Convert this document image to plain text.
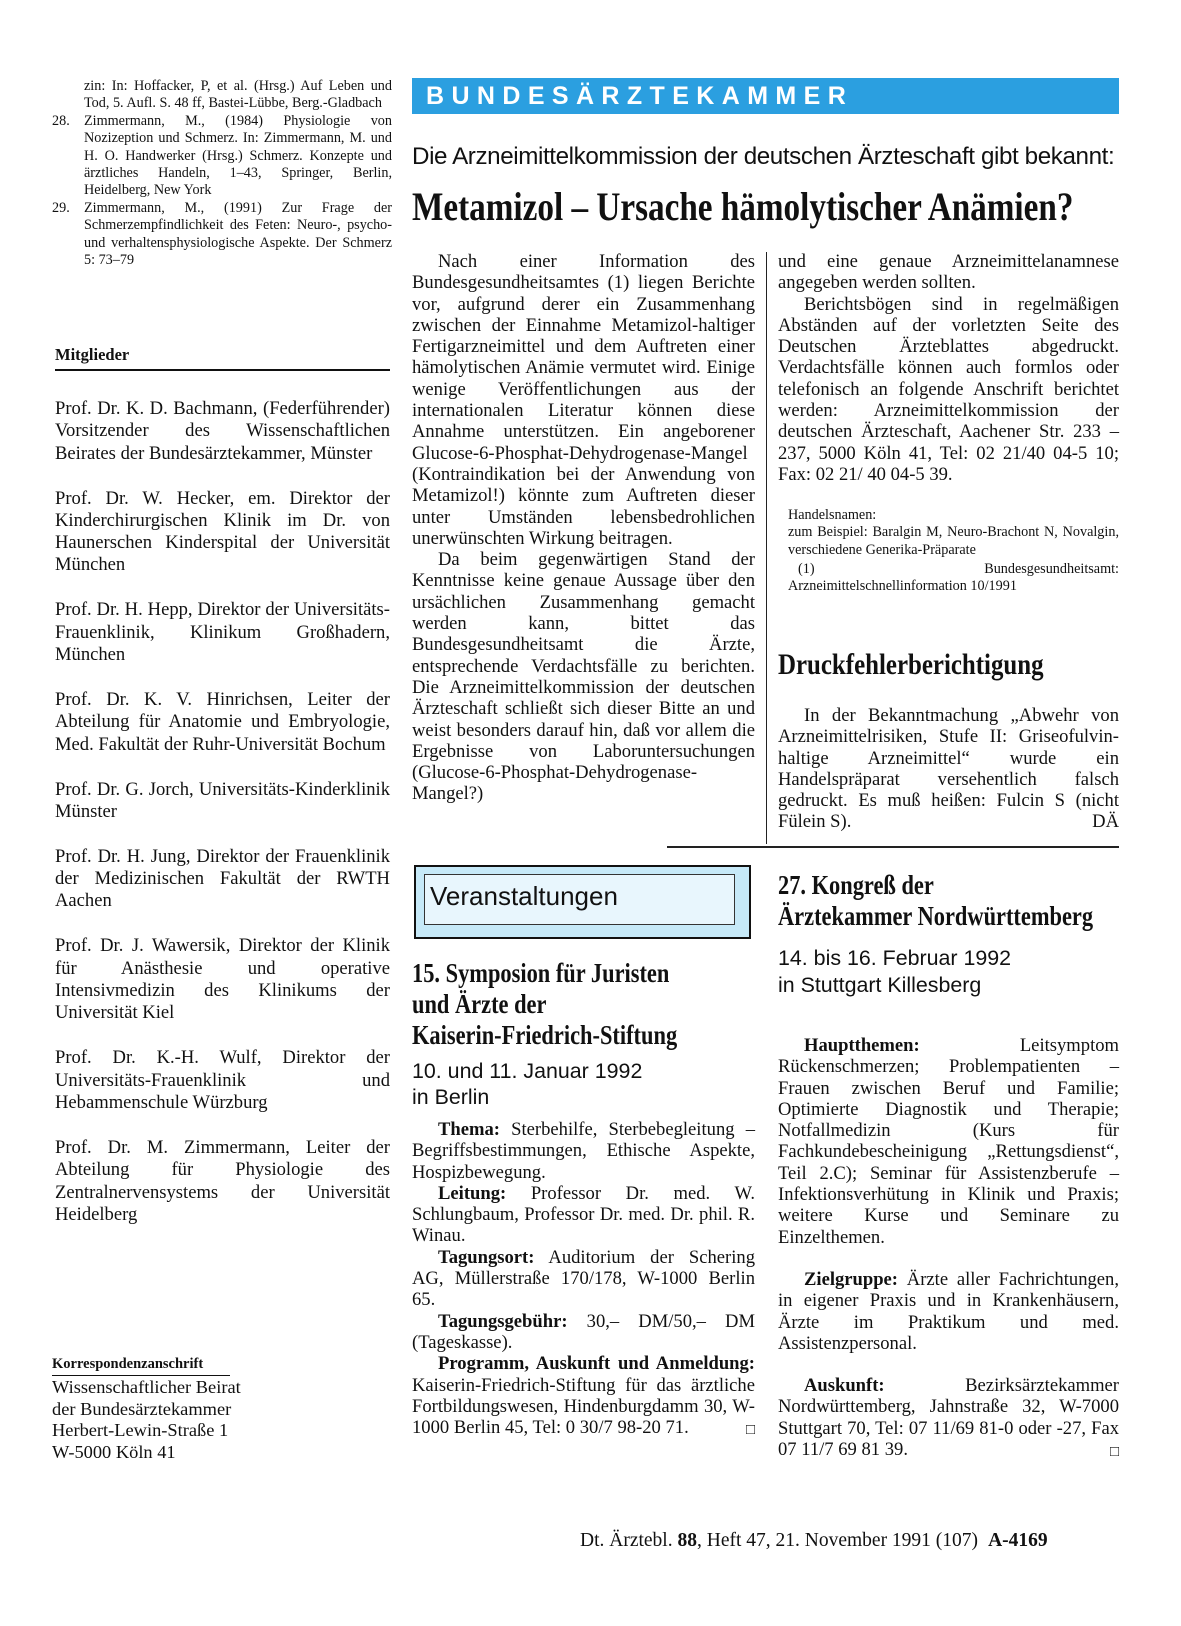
zin: In: Hoffacker, P, et al. (Hrsg.) Auf Leben und Tod, 5. Aufl. S. 48 ff, Bastei-Lübbe, Berg.-Gladbach

28. Zimmermann, M., (1984) Physiologie von Nozizeption und Schmerz. In: Zimmermann, M. und H. O. Handwerker (Hrsg.) Schmerz. Konzepte und ärztliches Handeln, 1–43, Springer, Berlin, Heidelberg, New York

29. Zimmermann, M., (1991) Zur Frage der Schmerzempfindlichkeit des Feten: Neuro-, psycho- und verhaltensphysiologische Aspekte. Der Schmerz 5: 73–79

Mitglieder

Prof. Dr. K. D. Bachmann, (Federführender) Vorsitzender des Wissenschaftlichen Beirates der Bundesärztekammer, Münster

Prof. Dr. W. Hecker, em. Direktor der Kinderchirurgischen Klinik im Dr. von Haunerschen Kinderspital der Universität München

Prof. Dr. H. Hepp, Direktor der Universitäts-Frauenklinik, Klinikum Großhadern, München

Prof. Dr. K. V. Hinrichsen, Leiter der Abteilung für Anatomie und Embryologie, Med. Fakultät der Ruhr-Universität Bochum

Prof. Dr. G. Jorch, Universitäts-Kinderklinik Münster

Prof. Dr. H. Jung, Direktor der Frauenklinik der Medizinischen Fakultät der RWTH Aachen

Prof. Dr. J. Wawersik, Direktor der Klinik für Anästhesie und operative Intensivmedizin des Klinikums der Universität Kiel

Prof. Dr. K.-H. Wulf, Direktor der Universitäts-Frauenklinik und Hebammenschule Würzburg

Prof. Dr. M. Zimmermann, Leiter der Abteilung für Physiologie des Zentralnervensystems der Universität Heidelberg

Korrespondenzanschrift
Wissenschaftlicher Beirat
der Bundesärztekammer
Herbert-Lewin-Straße 1
W-5000 Köln 41
BUNDESÄRZTEKAMMER
Die Arzneimittelkommission der deutschen Ärzteschaft gibt bekannt:
Metamizol – Ursache hämolytischer Anämien?

Nach einer Information des Bundesgesundheitsamtes (1) liegen Berichte vor, aufgrund derer ein Zusammenhang zwischen der Einnahme Metamizol-haltiger Fertigarzneimittel und dem Auftreten einer hämolytischen Anämie vermutet wird. Einige wenige Veröffentlichungen aus der internationalen Literatur können diese Annahme unterstützen. Ein angeborener Glucose-6-Phosphat-Dehydrogenase-Mangel (Kontraindikation bei der Anwendung von Metamizol!) könnte zum Auftreten dieser unter Umständen lebensbedrohlichen unerwünschten Wirkung beitragen.

Da beim gegenwärtigen Stand der Kenntnisse keine genaue Aussage über den ursächlichen Zusammenhang gemacht werden kann, bittet das Bundesgesundheitsamt die Ärzte, entsprechende Verdachtsfälle zu berichten. Die Arzneimittelkommission der deutschen Ärzteschaft schließt sich dieser Bitte an und weist besonders darauf hin, daß vor allem die Ergebnisse von Laboruntersuchungen (Glucose-6-Phosphat-Dehydrogenase-Mangel?)

und eine genaue Arzneimittelanamnese angegeben werden sollten.

Berichtsbögen sind in regelmäßigen Abständen auf der vorletzten Seite des Deutschen Ärzteblattes abgedruckt. Verdachtsfälle können auch formlos oder telefonisch an folgende Anschrift berichtet werden: Arzneimittelkommission der deutschen Ärzteschaft, Aachener Str. 233 – 237, 5000 Köln 41, Tel: 02 21/40 04-5 10; Fax: 02 21/ 40 04-5 39.

Handelsnamen:

zum Beispiel: Baralgin M, Neuro-Brachont N, Novalgin, verschiedene Generika-Präparate

(1) Bundesgesundheitsamt: Arzneimittelschnellinformation 10/1991

Druckfehlerberichtigung

In der Bekanntmachung „Abwehr von Arzneimittelrisiken, Stufe II: Griseofulvin-haltige Arzneimittel“ wurde ein Handelspräparat versehentlich falsch gedruckt. Es muß heißen: Fulcin S (nicht Fülein S).	DÄ

Veranstaltungen
15. Symposion für Juristen
und Ärzte der
Kaiserin-Friedrich-Stiftung
10. und 11. Januar 1992
in Berlin

Thema: Sterbehilfe, Sterbebegleitung – Begriffsbestimmungen, Ethische Aspekte, Hospizbewegung.

Leitung: Professor Dr. med. W. Schlungbaum, Professor Dr. med. Dr. phil. R. Winau.

Tagungsort: Auditorium der Schering AG, Müllerstraße 170/178, W-1000 Berlin 65.

Tagungsgebühr: 30,– DM/50,– DM (Tageskasse).

Programm, Auskunft und Anmeldung: Kaiserin-Friedrich-Stiftung für das ärztliche Fortbildungswesen, Hindenburgdamm 30, W-1000 Berlin 45, Tel: 0 30/7 98-20 71.	□

27. Kongreß der
Ärztekammer Nordwürttemberg
14. bis 16. Februar 1992
in Stuttgart Killesberg

Hauptthemen:	Leitsymptom Rückenschmerzen; Problempatienten – Frauen zwischen Beruf und Familie; Optimierte Diagnostik und Therapie; Notfallmedizin (Kurs für Fachkundebescheinigung „Rettungsdienst“, Teil 2.C); Seminar für Assistenzberufe – Infektionsverhütung in Klinik und Praxis; weitere Kurse und Seminare zu Einzelthemen.

Zielgruppe: Ärzte aller Fachrichtungen, in eigener Praxis und in Krankenhäusern, Ärzte im Praktikum und med. Assistenzpersonal.

Auskunft:	Bezirksärztekammer Nordwürttemberg, Jahnstraße 32, W-7000 Stuttgart 70, Tel: 07 11/69 81-0 oder -27, Fax 07 11/7 69 81 39.	□

Dt. Ärztebl. 88, Heft 47, 21. November 1991 (107) A-4169
